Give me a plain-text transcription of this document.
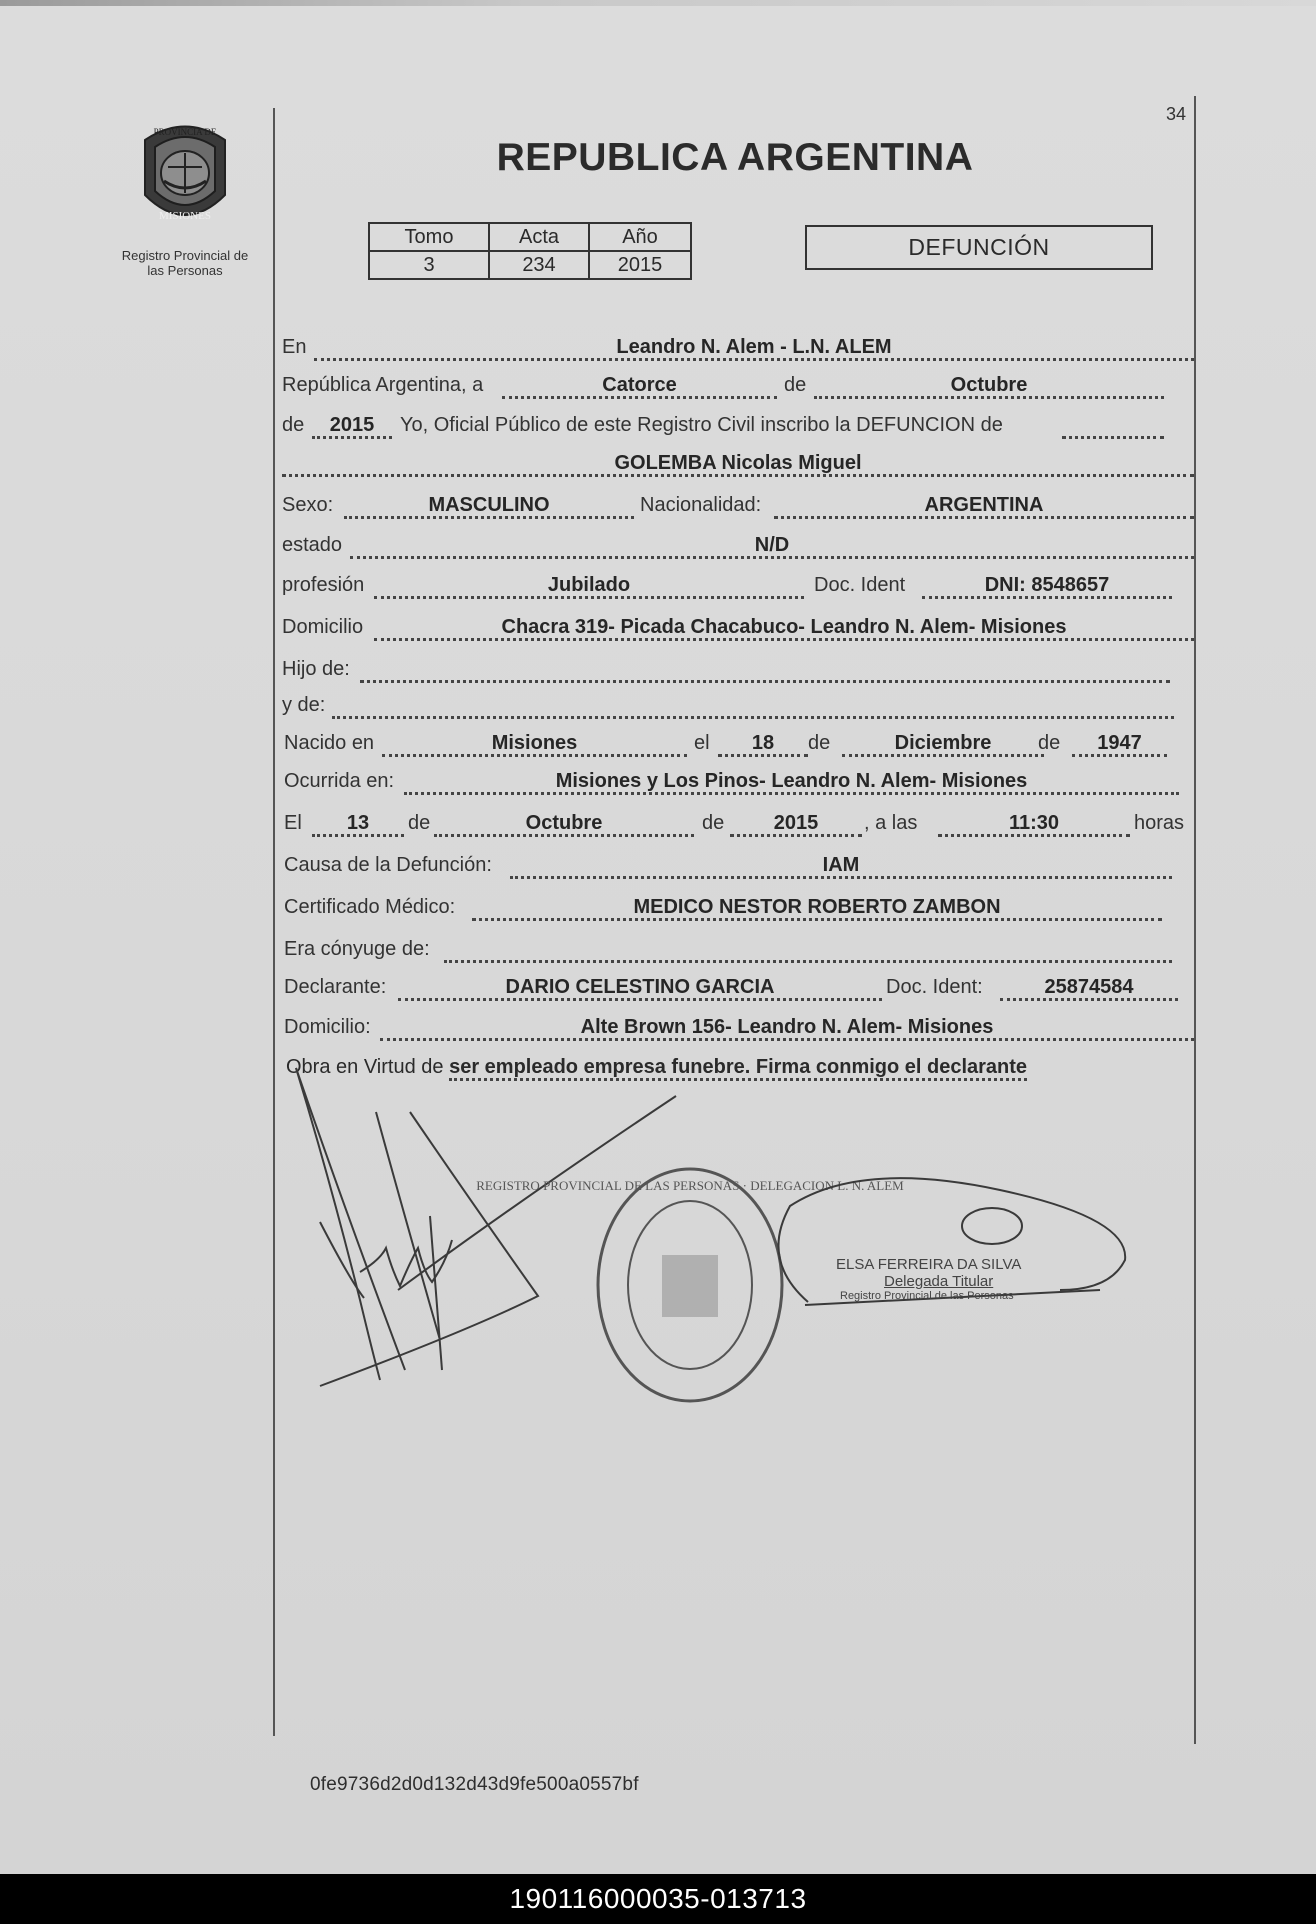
PROVINCIA DE
MISIONES
Registro Provincial de
las Personas
34
REPUBLICA ARGENTINA
Tomo	Acta	Año
3	234	2015
DEFUNCIÓN
En	Leandro N. Alem - L.N. ALEM
República Argentina, a	Catorce	de	Octubre
de	2015	Yo, Oficial Público de este Registro Civil inscribo la DEFUNCION de
GOLEMBA Nicolas Miguel
Sexo:	MASCULINO	Nacionalidad:	ARGENTINA
estado	N/D
profesión	Jubilado	Doc. Ident	DNI: 8548657
Domicilio	Chacra 319- Picada Chacabuco- Leandro N. Alem- Misiones
Hijo de:
y de:
Nacido en	Misiones	el	18	de	Diciembre	de	1947
Ocurrida en:	Misiones y Los Pinos- Leandro N. Alem- Misiones
El	13	de	Octubre	de	2015	, a las	11:30	horas
Causa de la Defunción:	IAM
Certificado Médico:	MEDICO NESTOR ROBERTO ZAMBON
Era cónyuge de:
Declarante:	DARIO CELESTINO GARCIA	Doc. Ident:	25874584
Domicilio:	Alte Brown 156- Leandro N. Alem- Misiones
Obra en Virtud de ser empleado empresa funebre. Firma conmigo el declarante
REGISTRO PROVINCIAL DE LAS PERSONAS · DELEGACION L. N. ALEM
ELSA FERREIRA DA SILVA
Delegada Titular
Registro Provincial de las Personas
0fe9736d2d0d132d43d9fe500a0557bf
190116000035-013713
